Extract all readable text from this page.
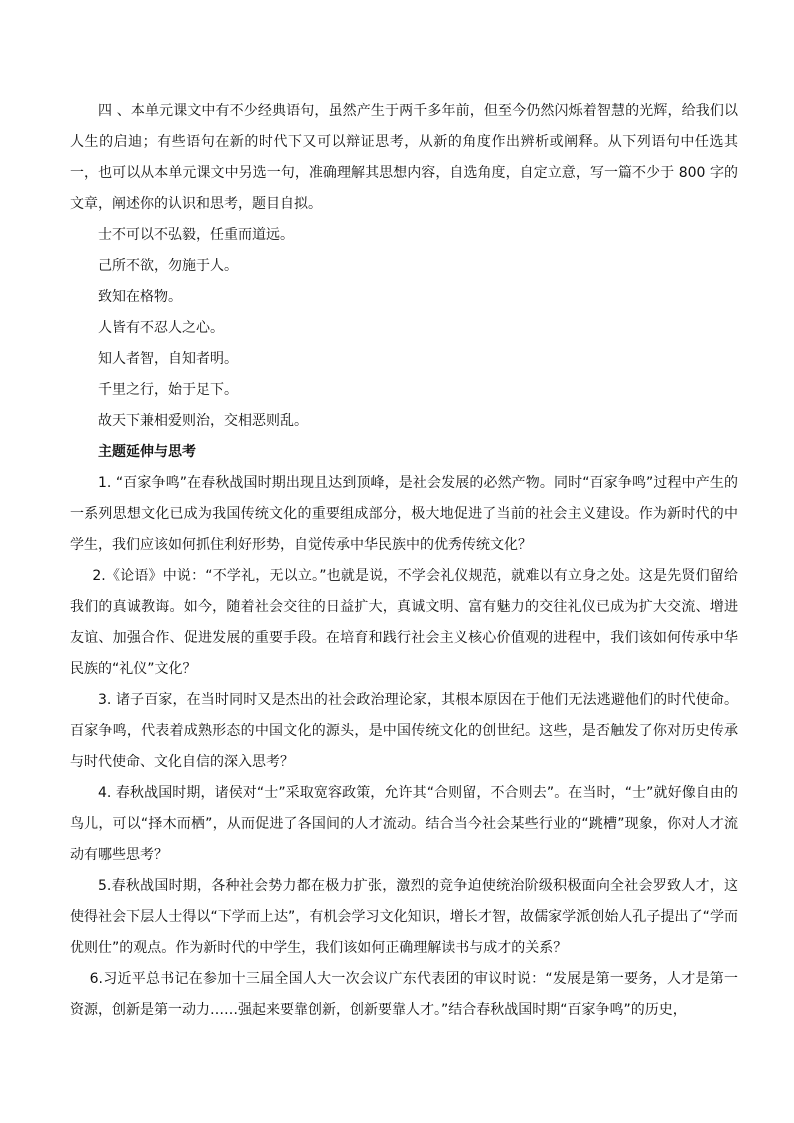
四 、本单元课文中有不少经典语句，虽然产生于两千多年前，但至今仍然闪烁着智慧的光辉，给我们以人生的启迪；有些语句在新的时代下又可以辩证思考，从新的角度作出辨析或阐释。从下列语句中任选其一，也可以从本单元课文中另选一句，准确理解其思想内容，自选角度，自定立意，写一篇不少于 800 字的文章，阐述你的认识和思考，题目自拟。

士不可以不弘毅，任重而道远。

己所不欲，勿施于人。

致知在格物。

人皆有不忍人之心。

知人者智，自知者明。

千里之行，始于足下。

故天下兼相爱则治，交相恶则乱。

主题延伸与思考

1. “百家争鸣”在春秋战国时期出现且达到顶峰，是社会发展的必然产物。同时“百家争鸣”过程中产生的一系列思想文化已成为我国传统文化的重要组成部分，极大地促进了当前的社会主义建设。作为新时代的中学生，我们应该如何抓住利好形势，自觉传承中华民族中的优秀传统文化？

2.《论语》中说：“不学礼，无以立。”也就是说，不学会礼仪规范，就难以有立身之处。这是先贤们留给我们的真诚教诲。如今，随着社会交往的日益扩大，真诚文明、富有魅力的交往礼仪已成为扩大交流、增进友谊、加强合作、促进发展的重要手段。在培育和践行社会主义核心价值观的进程中，我们该如何传承中华民族的“礼仪”文化？

3. 诸子百家，在当时同时又是杰出的社会政治理论家，其根本原因在于他们无法逃避他们的时代使命。百家争鸣，代表着成熟形态的中国文化的源头，是中国传统文化的创世纪。这些，是否触发了你对历史传承与时代使命、文化自信的深入思考？

4. 春秋战国时期，诸侯对“士”采取宽容政策，允许其“合则留，不合则去”。在当时，“士”就好像自由的鸟儿，可以“择木而栖”，从而促进了各国间的人才流动。结合当今社会某些行业的“跳槽”现象，你对人才流动有哪些思考？

5.春秋战国时期，各种社会势力都在极力扩张，激烈的竞争迫使统治阶级积极面向全社会罗致人才，这使得社会下层人士得以“下学而上达”，有机会学习文化知识，增长才智，故儒家学派创始人孔子提出了“学而优则仕”的观点。作为新时代的中学生，我们该如何正确理解读书与成才的关系？

6.习近平总书记在参加十三届全国人大一次会议广东代表团的审议时说：“发展是第一要务，人才是第一资源，创新是第一动力……强起来要靠创新，创新要靠人才。”结合春秋战国时期“百家争鸣”的历史，
